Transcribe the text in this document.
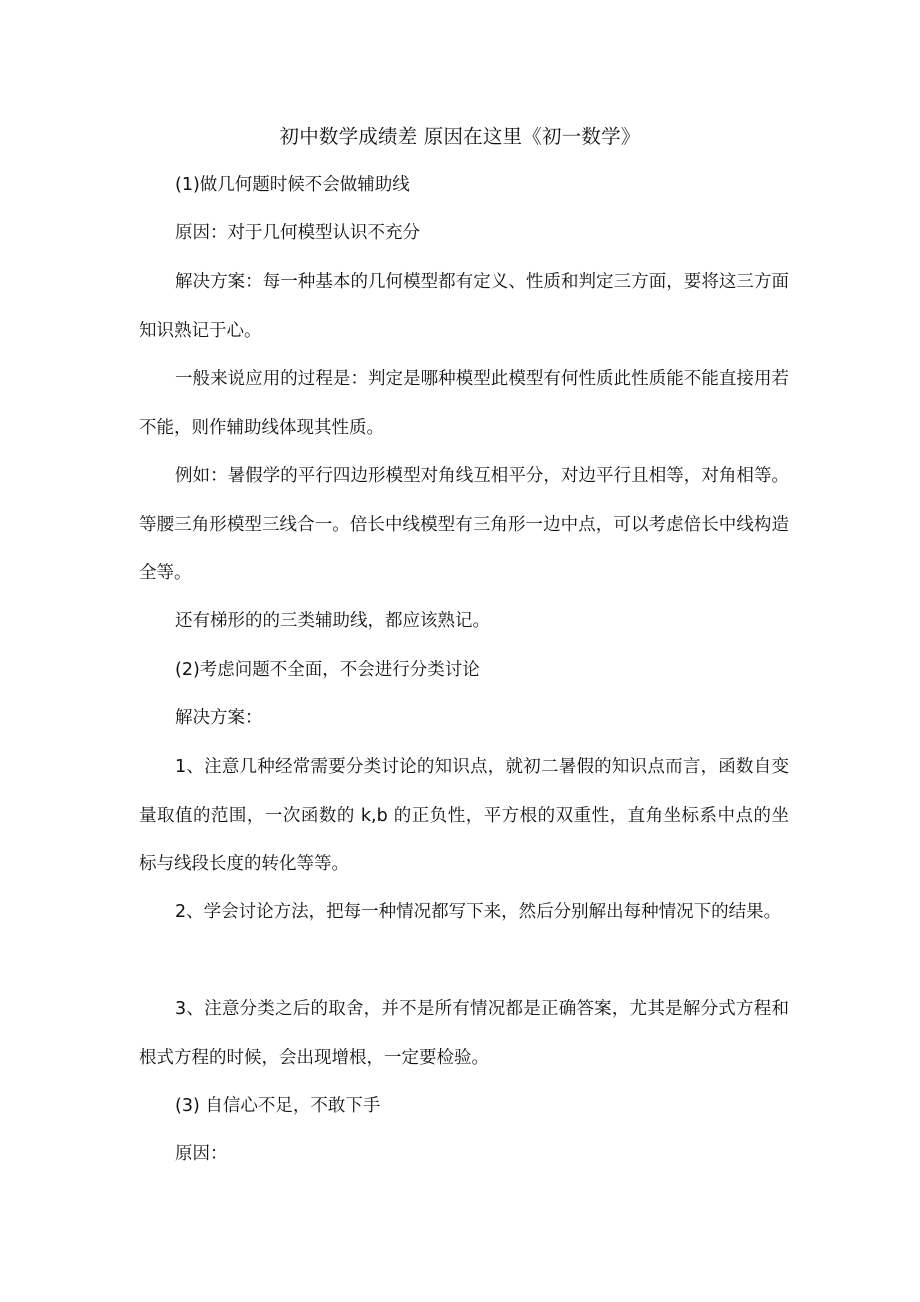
初中数学成绩差 原因在这里《初一数学》

(1)做几何题时候不会做辅助线

原因：对于几何模型认识不充分

解决方案：每一种基本的几何模型都有定义、性质和判定三方面，要将这三方面知识熟记于心。

一般来说应用的过程是：判定是哪种模型此模型有何性质此性质能不能直接用若不能，则作辅助线体现其性质。

例如：暑假学的平行四边形模型对角线互相平分，对边平行且相等，对角相等。等腰三角形模型三线合一。倍长中线模型有三角形一边中点，可以考虑倍长中线构造全等。

还有梯形的的三类辅助线，都应该熟记。

(2)考虑问题不全面，不会进行分类讨论

解决方案：

1、注意几种经常需要分类讨论的知识点，就初二暑假的知识点而言，函数自变量取值的范围，一次函数的 k,b 的正负性，平方根的双重性，直角坐标系中点的坐标与线段长度的转化等等。

2、学会讨论方法，把每一种情况都写下来，然后分别解出每种情况下的结果。

3、注意分类之后的取舍，并不是所有情况都是正确答案，尤其是解分式方程和根式方程的时候，会出现增根，一定要检验。

(3) 自信心不足，不敢下手

原因：
